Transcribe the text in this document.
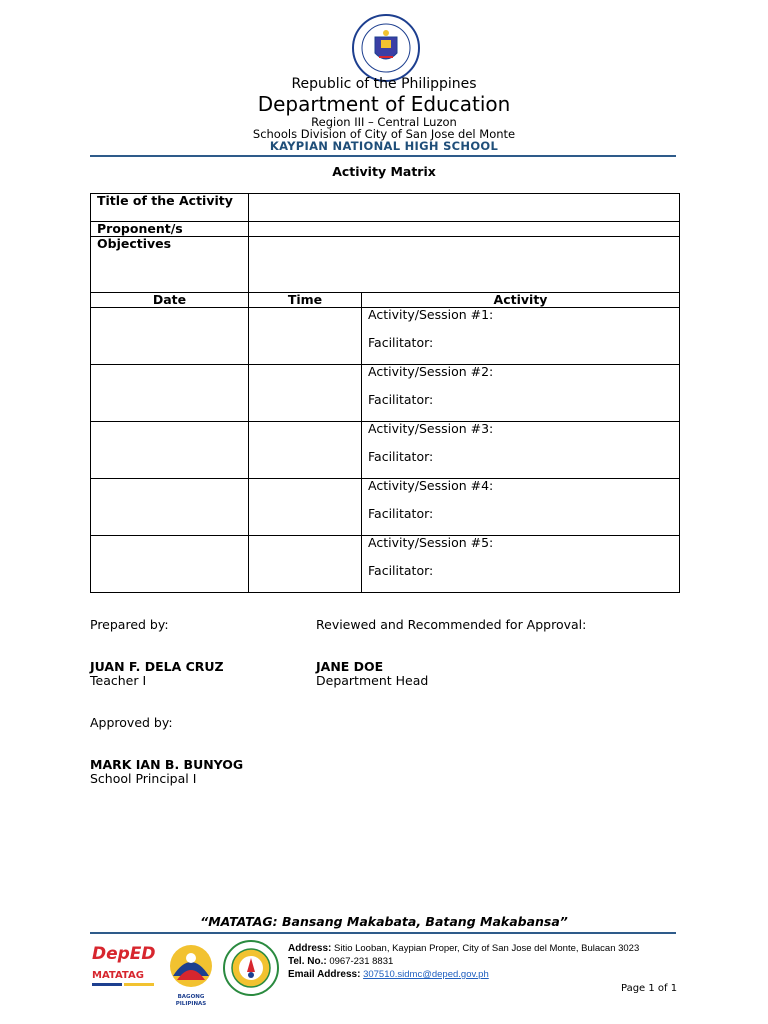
Republic of the Philippines
Department of Education
Region III – Central Luzon
Schools Division of City of San Jose del Monte
KAYPIAN NATIONAL HIGH SCHOOL
Activity Matrix
Title of the Activity		
Proponent/s		
Objectives		
Date	Time	Activity

		Activity/Session #1:
Facilitator:

		Activity/Session #2:
Facilitator:

		Activity/Session #3:
Facilitator:

		Activity/Session #4:
Facilitator:

		Activity/Session #5:
Facilitator:
Prepared by:	Reviewed and Recommended for Approval:
JUAN F. DELA CRUZ
Teacher I
JANE DOE
Department Head
Approved by:
MARK IAN B. BUNYOG
School Principal I
“MATATAG: Bansang Makabata, Batang Makabansa”
DepED
MATATAG
BAGONG PILIPINAS
Address: Sitio Looban, Kaypian Proper, City of San Jose del Monte, Bulacan 3023
Tel. No.: 0967-231 8831
Email Address: 307510.sidmc@deped.gov.ph
Page 1 of 1
